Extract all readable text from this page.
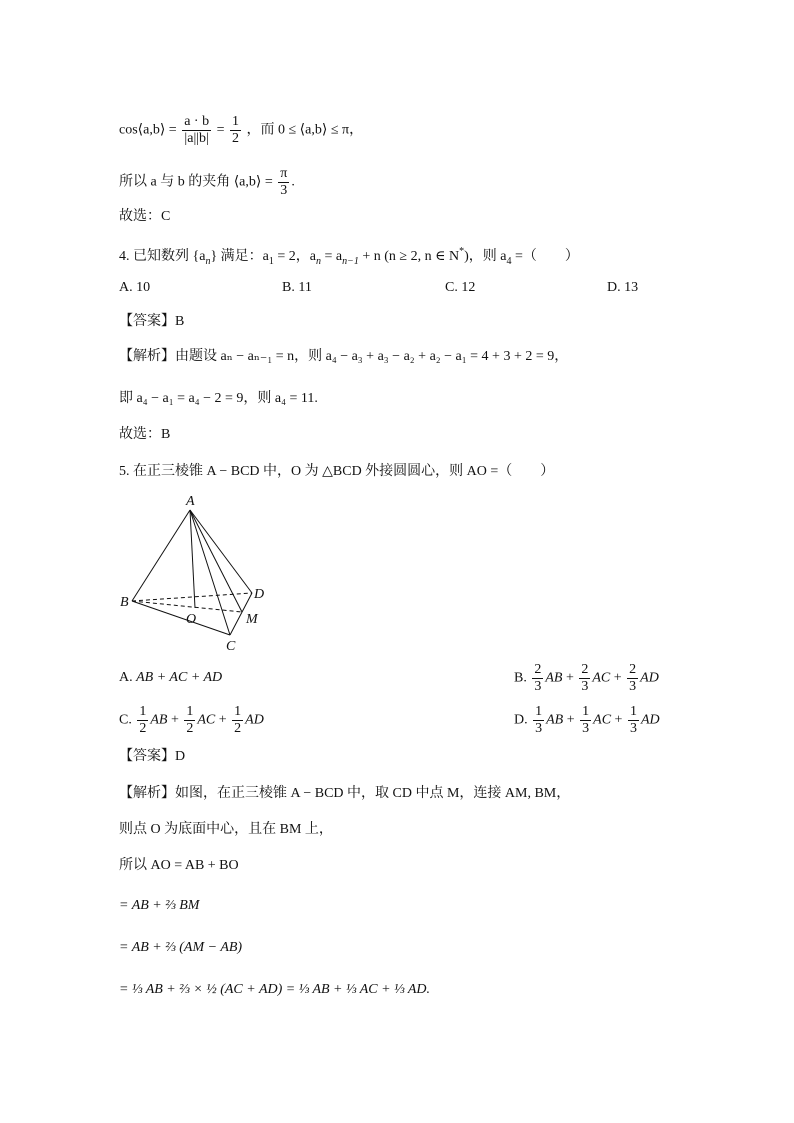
cos⟨a,b⟩ = $\frac{a \cdot b}{|a||b|} = \frac{1}{2}$ ，而 0 ≤ ⟨a,b⟩ ≤ π，
所以 a 与 b 的夹角 ⟨a,b⟩ = $\frac{\pi}{3}$ .
故选：C
4. 已知数列 $\{a_n\}$ 满足：$a_1 = 2$，$a_n = a_{n-1} + n$ (n ≥ 2, n ∈ N*)，则 $a_4$ =（　　）
A. 10	B. 11	C. 12	D. 13
【答案】B
【解析】由题设 aₙ − aₙ₋₁ = n，则 a₄ − a₃ + a₃ − a₂ + a₂ − a₁ = 4 + 3 + 2 = 9，
即 a₄ − a₁ = a₄ − 2 = 9，则 a₄ = 11.
故选：B
5. 在正三棱锥 A − BCD 中，O 为 △BCD 外接圆圆心，则 AO =（　　）
A
B
C
D
O	M
A. AB + AC + AD	B. $\frac{2}{3}$ AB + $\frac{2}{3}$ AC + $\frac{2}{3}$ AD
C. $\frac{1}{2}$ AB + $\frac{1}{2}$ AC + $\frac{1}{2}$ AD	D. $\frac{1}{3}$ AB + $\frac{1}{3}$ AC + $\frac{1}{3}$ AD
【答案】D
【解析】如图，在正三棱锥 A − BCD 中，取 CD 中点 M，连接 AM, BM，
则点 O 为底面中心，且在 BM 上，
所以 AO = AB + BO
= AB + ⅔ BM
= AB + ⅔ (AM − AB)
= ⅓ AB + ⅔ × ½ (AC + AD) = ⅓ AB + ⅓ AC + ⅓ AD.
